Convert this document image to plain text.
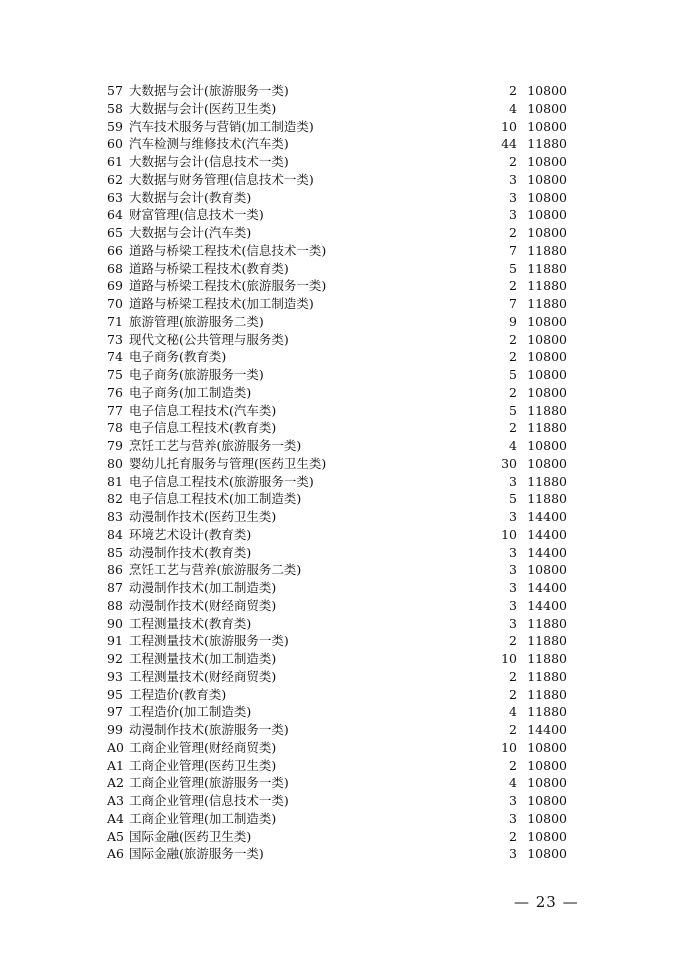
57 大数据与会计(旅游服务一类)	2 10800
58 大数据与会计(医药卫生类)	4 10800
59 汽车技术服务与营销(加工制造类)	10 10800
60 汽车检测与维修技术(汽车类)	44 11880
61 大数据与会计(信息技术一类)	2 10800
62 大数据与财务管理(信息技术一类)	3 10800
63 大数据与会计(教育类)	3 10800
64 财富管理(信息技术一类)	3 10800
65 大数据与会计(汽车类)	2 10800
66 道路与桥梁工程技术(信息技术一类)	7 11880
68 道路与桥梁工程技术(教育类)	5 11880
69 道路与桥梁工程技术(旅游服务一类)	2 11880
70 道路与桥梁工程技术(加工制造类)	7 11880
71 旅游管理(旅游服务二类)	9 10800
73 现代文秘(公共管理与服务类)	2 10800
74 电子商务(教育类)	2 10800
75 电子商务(旅游服务一类)	5 10800
76 电子商务(加工制造类)	2 10800
77 电子信息工程技术(汽车类)	5 11880
78 电子信息工程技术(教育类)	2 11880
79 烹饪工艺与营养(旅游服务一类)	4 10800
80 婴幼儿托育服务与管理(医药卫生类)	30 10800
81 电子信息工程技术(旅游服务一类)	3 11880
82 电子信息工程技术(加工制造类)	5 11880
83 动漫制作技术(医药卫生类)	3 14400
84 环境艺术设计(教育类)	10 14400
85 动漫制作技术(教育类)	3 14400
86 烹饪工艺与营养(旅游服务二类)	3 10800
87 动漫制作技术(加工制造类)	3 14400
88 动漫制作技术(财经商贸类)	3 14400
90 工程测量技术(教育类)	3 11880
91 工程测量技术(旅游服务一类)	2 11880
92 工程测量技术(加工制造类)	10 11880
93 工程测量技术(财经商贸类)	2 11880
95 工程造价(教育类)	2 11880
97 工程造价(加工制造类)	4 11880
99 动漫制作技术(旅游服务一类)	2 14400
A0 工商企业管理(财经商贸类)	10 10800
A1 工商企业管理(医药卫生类)	2 10800
A2 工商企业管理(旅游服务一类)	4 10800
A3 工商企业管理(信息技术一类)	3 10800
A4 工商企业管理(加工制造类)	3 10800
A5 国际金融(医药卫生类)	2 10800
A6 国际金融(旅游服务一类)	3 10800
— 23 —
